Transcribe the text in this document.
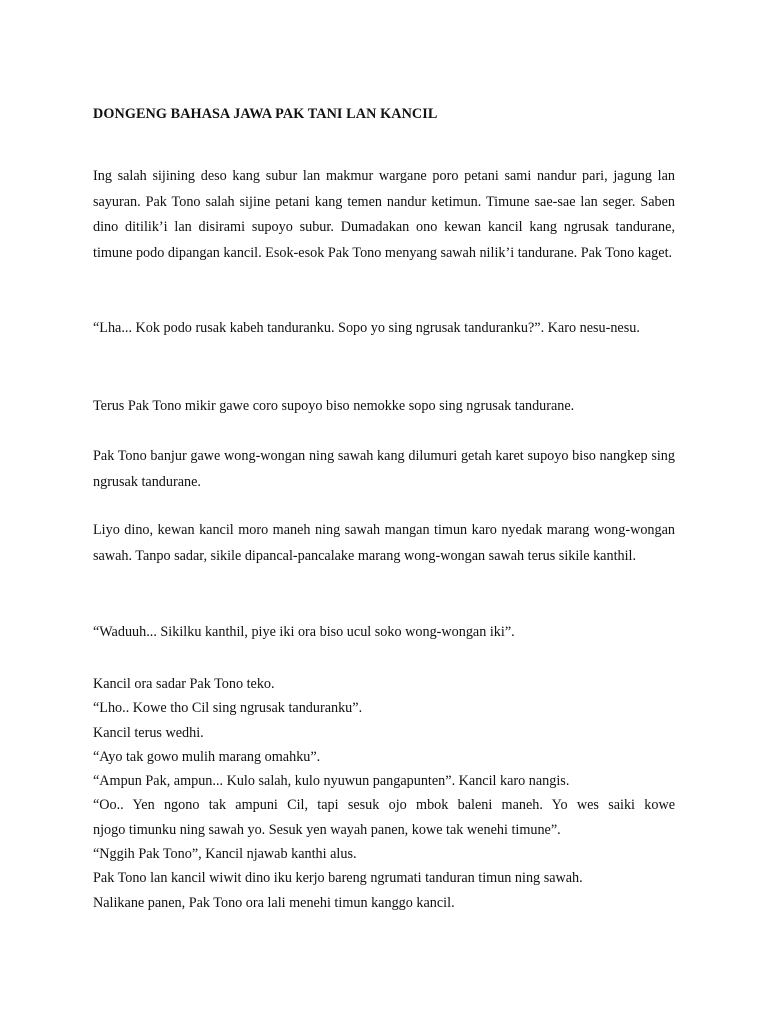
DONGENG BAHASA JAWA PAK TANI LAN KANCIL

Ing salah sijining deso kang subur lan makmur wargane poro petani sami nandur pari, jagung lan sayuran. Pak Tono salah sijine petani kang temen nandur ketimun. Timune sae-sae lan seger. Saben dino ditilik’i lan disirami supoyo subur. Dumadakan ono kewan kancil kang ngrusak tandurane, timune podo dipangan kancil. Esok-esok Pak Tono menyang sawah nilik’i tandurane. Pak Tono kaget.

“Lha... Kok podo rusak kabeh tanduranku. Sopo yo sing ngrusak tanduranku?”. Karo nesu-nesu.

Terus Pak Tono mikir gawe coro supoyo biso nemokke sopo sing ngrusak tandurane.

Pak Tono banjur gawe wong-wongan ning sawah kang dilumuri getah karet supoyo biso nangkep sing ngrusak tandurane.

Liyo dino, kewan kancil moro maneh ning sawah mangan timun karo nyedak marang wong-wongan sawah. Tanpo sadar, sikile dipancal-pancalake marang wong-wongan sawah terus sikile kanthil.

“Waduuh... Sikilku kanthil, piye iki ora biso ucul soko wong-wongan iki”.

Kancil ora sadar Pak Tono teko.
“Lho.. Kowe tho Cil sing ngrusak tanduranku”.
Kancil terus wedhi.
“Ayo tak gowo mulih marang omahku”.
“Ampun Pak, ampun... Kulo salah, kulo nyuwun pangapunten”. Kancil karo nangis.
“Oo.. Yen ngono tak ampuni Cil, tapi sesuk ojo mbok baleni maneh. Yo wes saiki kowe
njogo timunku ning sawah yo. Sesuk yen wayah panen, kowe tak wenehi timune”.
“Nggih Pak Tono”, Kancil njawab kanthi alus.
Pak Tono lan kancil wiwit dino iku kerjo bareng ngrumati tanduran timun ning sawah.
Nalikane panen, Pak Tono ora lali menehi timun kanggo kancil.
